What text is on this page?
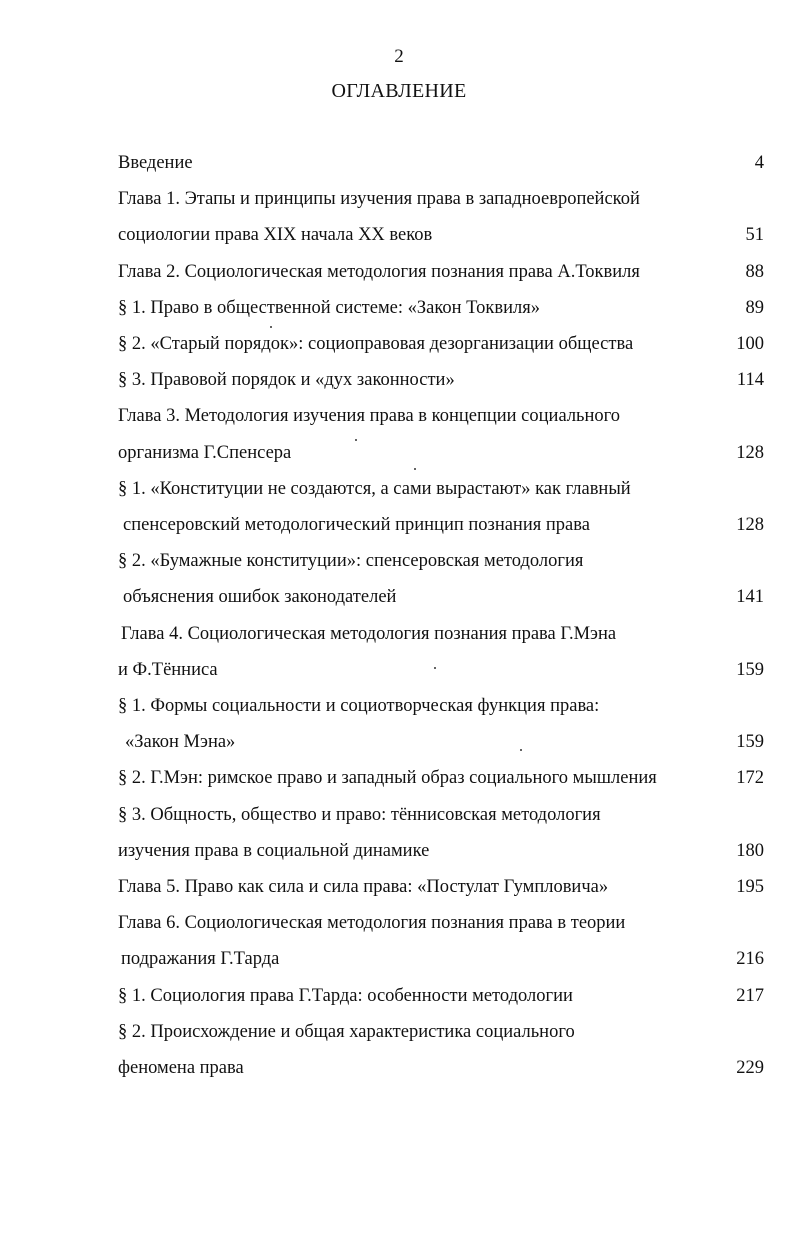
2
ОГЛАВЛЕНИЕ
Введение	4
Глава 1. Этапы и принципы изучения права в западноевропейской
социологии права XIX начала XX веков	51
Глава 2. Социологическая методология познания права А.Токвиля	88
§ 1. Право в общественной системе: «Закон Токвиля»	89
§ 2. «Старый порядок»: социоправовая дезорганизации общества	100
§ 3. Правовой порядок и «дух законности»	114
Глава 3. Методология изучения права в концепции социального
организма Г.Спенсера	128
§ 1. «Конституции не создаются, а сами вырастают» как главный
спенсеровский методологический принцип познания права	128
§ 2. «Бумажные конституции»: спенсеровская методология
объяснения ошибок законодателей	141
Глава 4. Социологическая методология познания права Г.Мэна
и Ф.Тённиса	159
§ 1. Формы социальности и социотворческая функция права:
«Закон Мэна»	159
§ 2. Г.Мэн: римское право и западный образ социального мышления	172
§ 3. Общность, общество и право: тённисовская методология
изучения права в социальной динамике	180
Глава 5. Право как сила и сила права: «Постулат Гумпловича»	195
Глава 6. Социологическая методология познания права в теории
подражания Г.Тарда	216
§ 1. Социология права Г.Тарда: особенности методологии	217
§ 2. Происхождение и общая характеристика социального
феномена права	229
